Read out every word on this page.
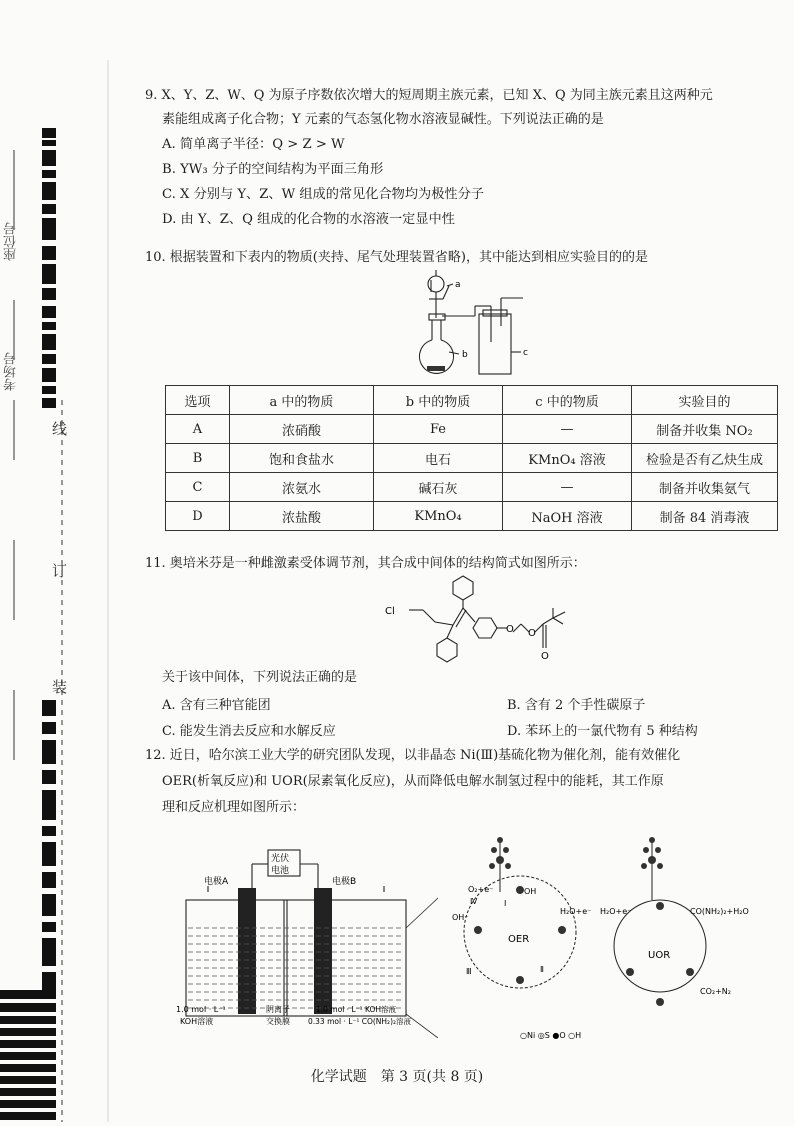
座位号
考场号
线
订
装
9. X、Y、Z、W、Q 为原子序数依次增大的短周期主族元素，已知 X、Q 为同主族元素且这两种元
素能组成离子化合物；Y 元素的气态氢化物水溶液显碱性。下列说法正确的是
A. 简单离子半径：Q > Z > W
B. YW₃ 分子的空间结构为平面三角形
C. X 分别与 Y、Z、W 组成的常见化合物均为极性分子
D. 由 Y、Z、Q 组成的化合物的水溶液一定显中性
10. 根据装置和下表内的物质(夹持、尾气处理装置省略)，其中能达到相应实验目的的是
a
b	c
选项	a 中的物质	b 中的物质	c 中的物质	实验目的
A	浓硝酸	Fe	—	制备并收集 NO₂
B	饱和食盐水	电石	KMnO₄ 溶液	检验是否有乙炔生成
C	浓氨水	碱石灰	—	制备并收集氨气
D	浓盐酸	KMnO₄	NaOH 溶液	制备 84 消毒液
11. 奥培米芬是一种雌激素受体调节剂，其合成中间体的结构简式如图所示：
Cl
O O
O
关于该中间体，下列说法正确的是
A. 含有三种官能团	B. 含有 2 个手性碳原子
C. 能发生消去反应和水解反应	D. 苯环上的一氯代物有 5 种结构
12. 近日，哈尔滨工业大学的研究团队发现，以非晶态 Ni(Ⅲ)基硫化物为催化剂，能有效催化
OER(析氧反应)和 UOR(尿素氧化反应)，从而降低电解水制氢过程中的能耗，其工作原
理和反应机理如图所示：
光伏
电池
电极A	电极B
1.0 mol · L⁻¹
KOH溶液
阴离子
交换膜
1.0 mol · L⁻¹ KOH溶液
0.33 mol · L⁻¹ CO(NH₂)₂溶液
OER
UOR
O₂+e⁻	OH
OH⁻
H₂O+e⁻ H₂O+e⁻	CO(NH₂)₂+H₂O
CO₂+N₂
Ⅰ
Ⅱ
Ⅲ
Ⅳ
○Ni ◎S ●O ○H
化学试题　第 3 页(共 8 页)
